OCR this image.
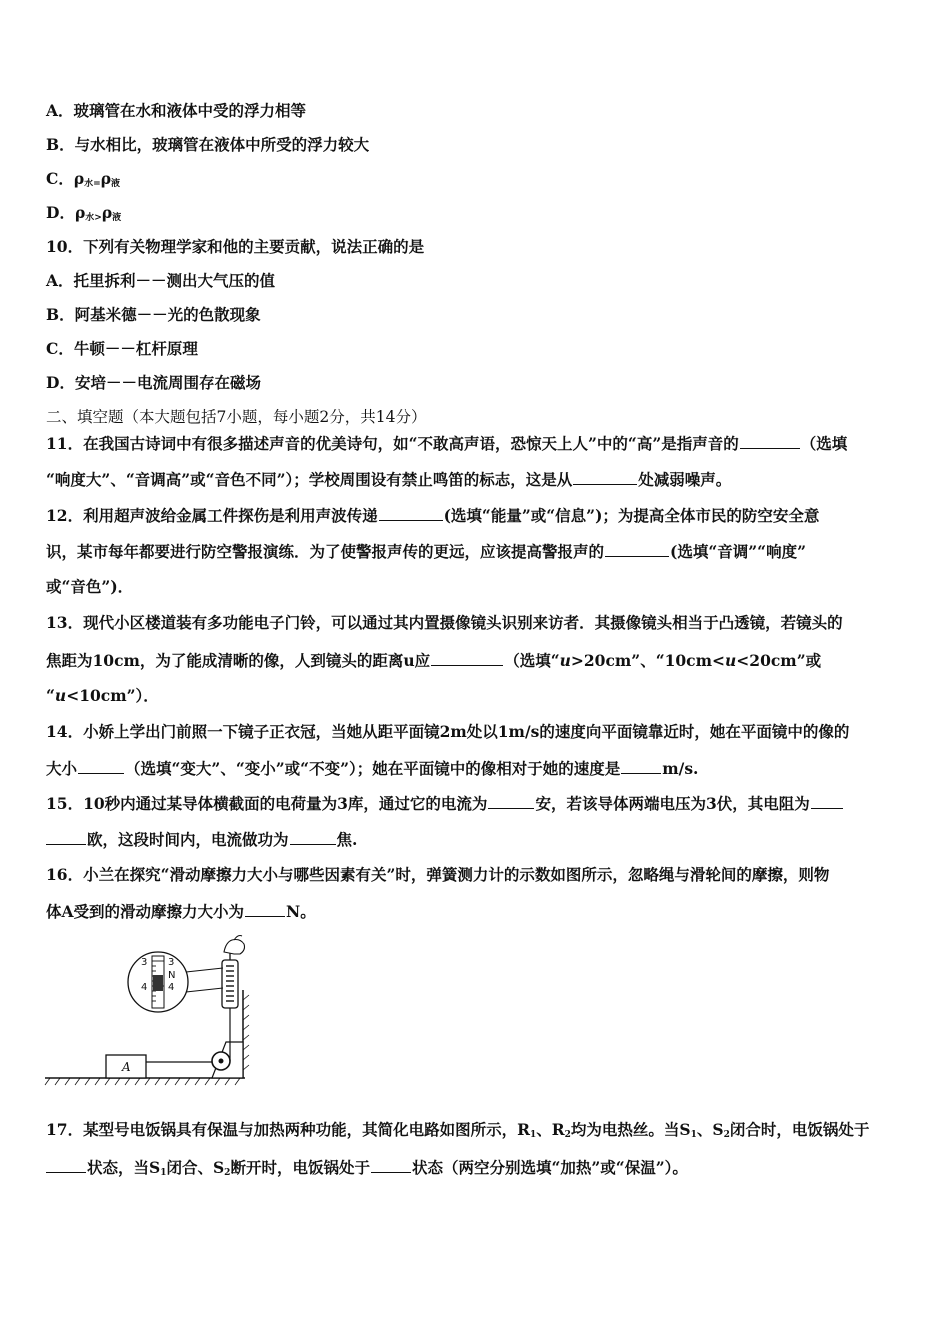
A．玻璃管在水和液体中受的浮力相等
B．与水相比，玻璃管在液体中所受的浮力较大
C．$\rho_{水=}\rho_液$
D．$\rho_{水>}\rho_液$
10．下列有关物理学家和他的主要贡献，说法正确的是
A．托里拆利－－测出大气压的值
B．阿基米德－－光的色散现象
C．牛顿－－杠杆原理
D．安培－－电流周围存在磁场
二、填空题（本大题包括7小题，每小题2分，共14分）
11．在我国古诗词中有很多描述声音的优美诗句，如“不敢高声语，恐惊天上人”中的“高”是指声音的	（选填
“响度大”、“音调高”或“音色不同”）；学校周围设有禁止鸣笛的标志，这是从	处减弱噪声。
12．利用超声波给金属工件探伤是利用声波传递	(选填“能量”或“信息”)；为提高全体市民的防空安全意
识，某市每年都要进行防空警报演练．为了使警报声传的更远，应该提高警报声的	(选填“音调”“响度”
或“音色”)．
13．现代小区楼道装有多功能电子门铃，可以通过其内置摄像镜头识别来访者．其摄像镜头相当于凸透镜，若镜头的
焦距为10cm，为了能成清晰的像，人到镜头的距离u应	（选填“u>20cm”、“10cm<u<20cm”或
“u<10cm”）．
14．小娇上学出门前照一下镜子正衣冠，当她从距平面镜2m处以1m/s的速度向平面镜靠近时，她在平面镜中的像的
大小	（选填“变大”、“变小”或“不变”）；她在平面镜中的像相对于她的速度是	m/s.
15．10秒内通过某导体横截面的电荷量为3库，通过它的电流为	安，若该导体两端电压为3伏，其电阻为
欧，这段时间内，电流做功为	焦.
16．小兰在探究“滑动摩擦力大小与哪些因素有关”时，弹簧测力计的示数如图所示，忽略绳与滑轮间的摩擦，则物
体A受到的滑动摩擦力大小为	N。
A
3
4
3
N
4
17．某型号电饭锅具有保温与加热两种功能，其简化电路如图所示，$R_1$、$R_2$均为电热丝。当$S_1$、$S_2$闭合时，电饭锅处于
状态，当$S_1$闭合、$S_2$断开时，电饭锅处于	状态（两空分别选填“加热”或“保温”）。
